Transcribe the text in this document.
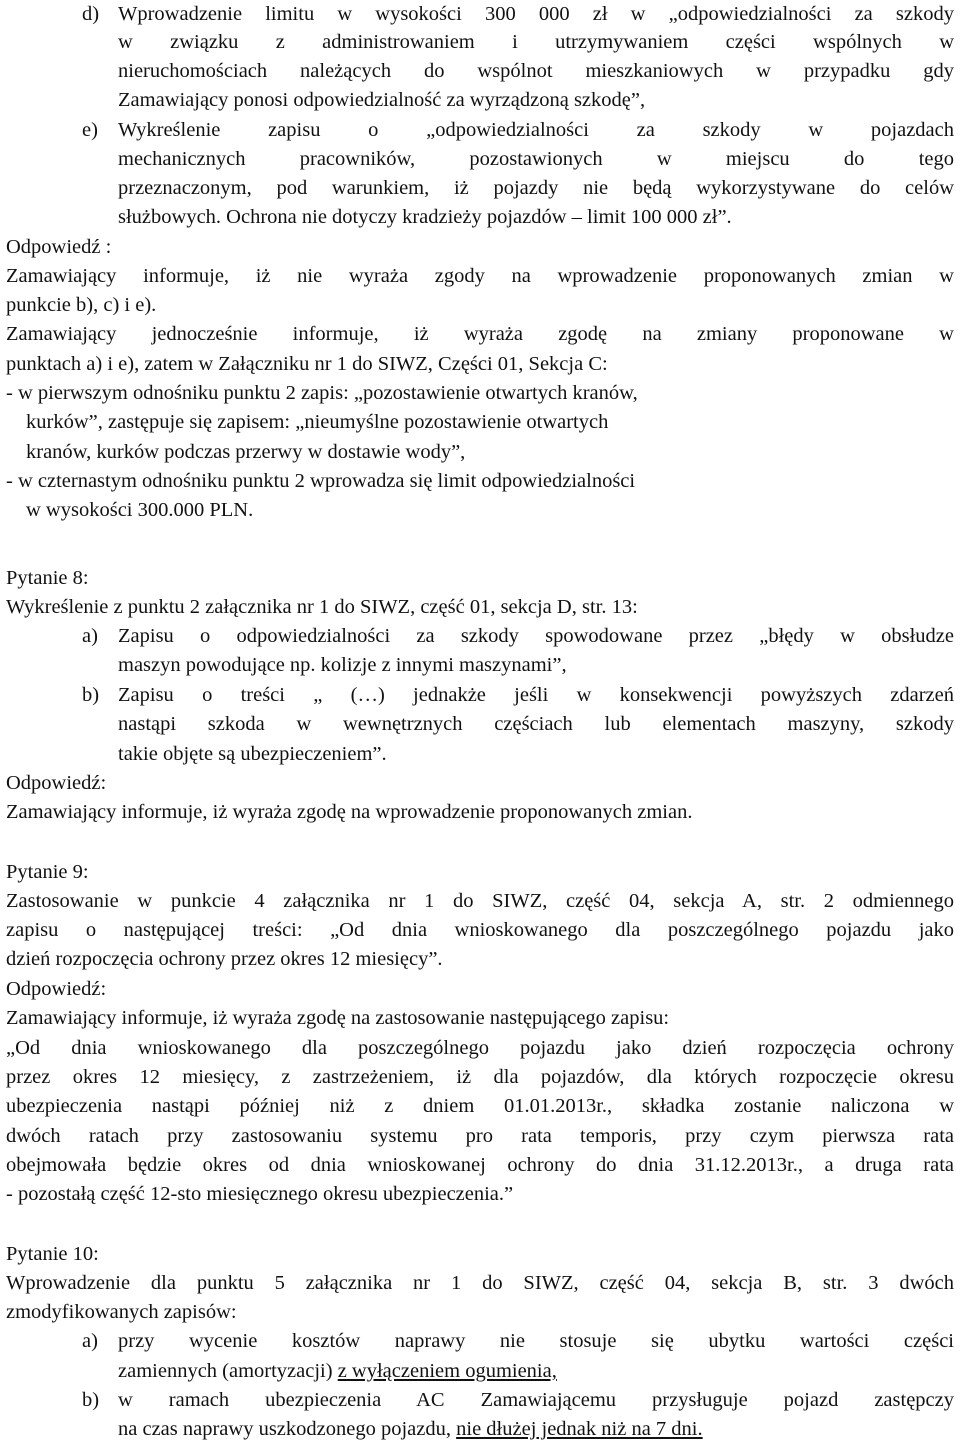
d) Wprowadzenie limitu w wysokości 300 000 zł w „odpowiedzialności za szkody
w związku z administrowaniem i utrzymywaniem części wspólnych w
nieruchomościach należących do wspólnot mieszkaniowych w przypadku gdy
Zamawiający ponosi odpowiedzialność za wyrządzoną szkodę”,
e) Wykreślenie zapisu o „odpowiedzialności za szkody w pojazdach
mechanicznych pracowników, pozostawionych w miejscu do tego
przeznaczonym, pod warunkiem, iż pojazdy nie będą wykorzystywane do celów
służbowych. Ochrona nie dotyczy kradzieży pojazdów – limit 100 000 zł”.
Odpowiedź :
Zamawiający informuje, iż nie wyraża zgody na wprowadzenie proponowanych zmian w
punkcie b), c) i e).
Zamawiający jednocześnie informuje, iż wyraża zgodę na zmiany proponowane w
punktach a) i e), zatem w Załączniku nr 1 do SIWZ, Części 01, Sekcja C:
- w pierwszym odnośniku punktu 2 zapis: „pozostawienie otwartych kranów,
kurków”, zastępuje się zapisem: „nieumyślne pozostawienie otwartych
kranów, kurków podczas przerwy w dostawie wody”,
- w czternastym odnośniku punktu 2 wprowadza się limit odpowiedzialności
w wysokości 300.000 PLN.
Pytanie 8:
Wykreślenie z punktu 2 załącznika nr 1 do SIWZ, część 01, sekcja D, str. 13:
a) Zapisu o odpowiedzialności za szkody spowodowane przez „błędy w obsłudze
maszyn powodujące np. kolizje z innymi maszynami”,
b) Zapisu o treści „ (…) jednakże jeśli w konsekwencji powyższych zdarzeń
nastąpi szkoda w wewnętrznych częściach lub elementach maszyny, szkody
takie objęte są ubezpieczeniem”.
Odpowiedź:
Zamawiający informuje, iż wyraża zgodę na wprowadzenie proponowanych zmian.
Pytanie 9:
Zastosowanie w punkcie 4 załącznika nr 1 do SIWZ, część 04, sekcja A, str. 2 odmiennego
zapisu o następującej treści: „Od dnia wnioskowanego dla poszczególnego pojazdu jako
dzień rozpoczęcia ochrony przez okres 12 miesięcy”.
Odpowiedź:
Zamawiający informuje, iż wyraża zgodę na zastosowanie następującego zapisu:
„Od dnia wnioskowanego dla poszczególnego pojazdu jako dzień rozpoczęcia ochrony
przez okres 12 miesięcy, z zastrzeżeniem, iż dla pojazdów, dla których rozpoczęcie okresu
ubezpieczenia nastąpi później niż z dniem 01.01.2013r., składka zostanie naliczona w
dwóch ratach przy zastosowaniu systemu pro rata temporis, przy czym pierwsza rata
obejmowała będzie okres od dnia wnioskowanej ochrony do dnia 31.12.2013r., a druga rata
- pozostałą część 12-sto miesięcznego okresu ubezpieczenia.”
Pytanie 10:
Wprowadzenie dla punktu 5 załącznika nr 1 do SIWZ, część 04, sekcja B, str. 3 dwóch
zmodyfikowanych zapisów:
a) przy wycenie kosztów naprawy nie stosuje się ubytku wartości części
zamiennych (amortyzacji) z wyłączeniem ogumienia,
b) w ramach ubezpieczenia AC Zamawiającemu przysługuje pojazd zastępczy
na czas naprawy uszkodzonego pojazdu, nie dłużej jednak niż na 7 dni.
